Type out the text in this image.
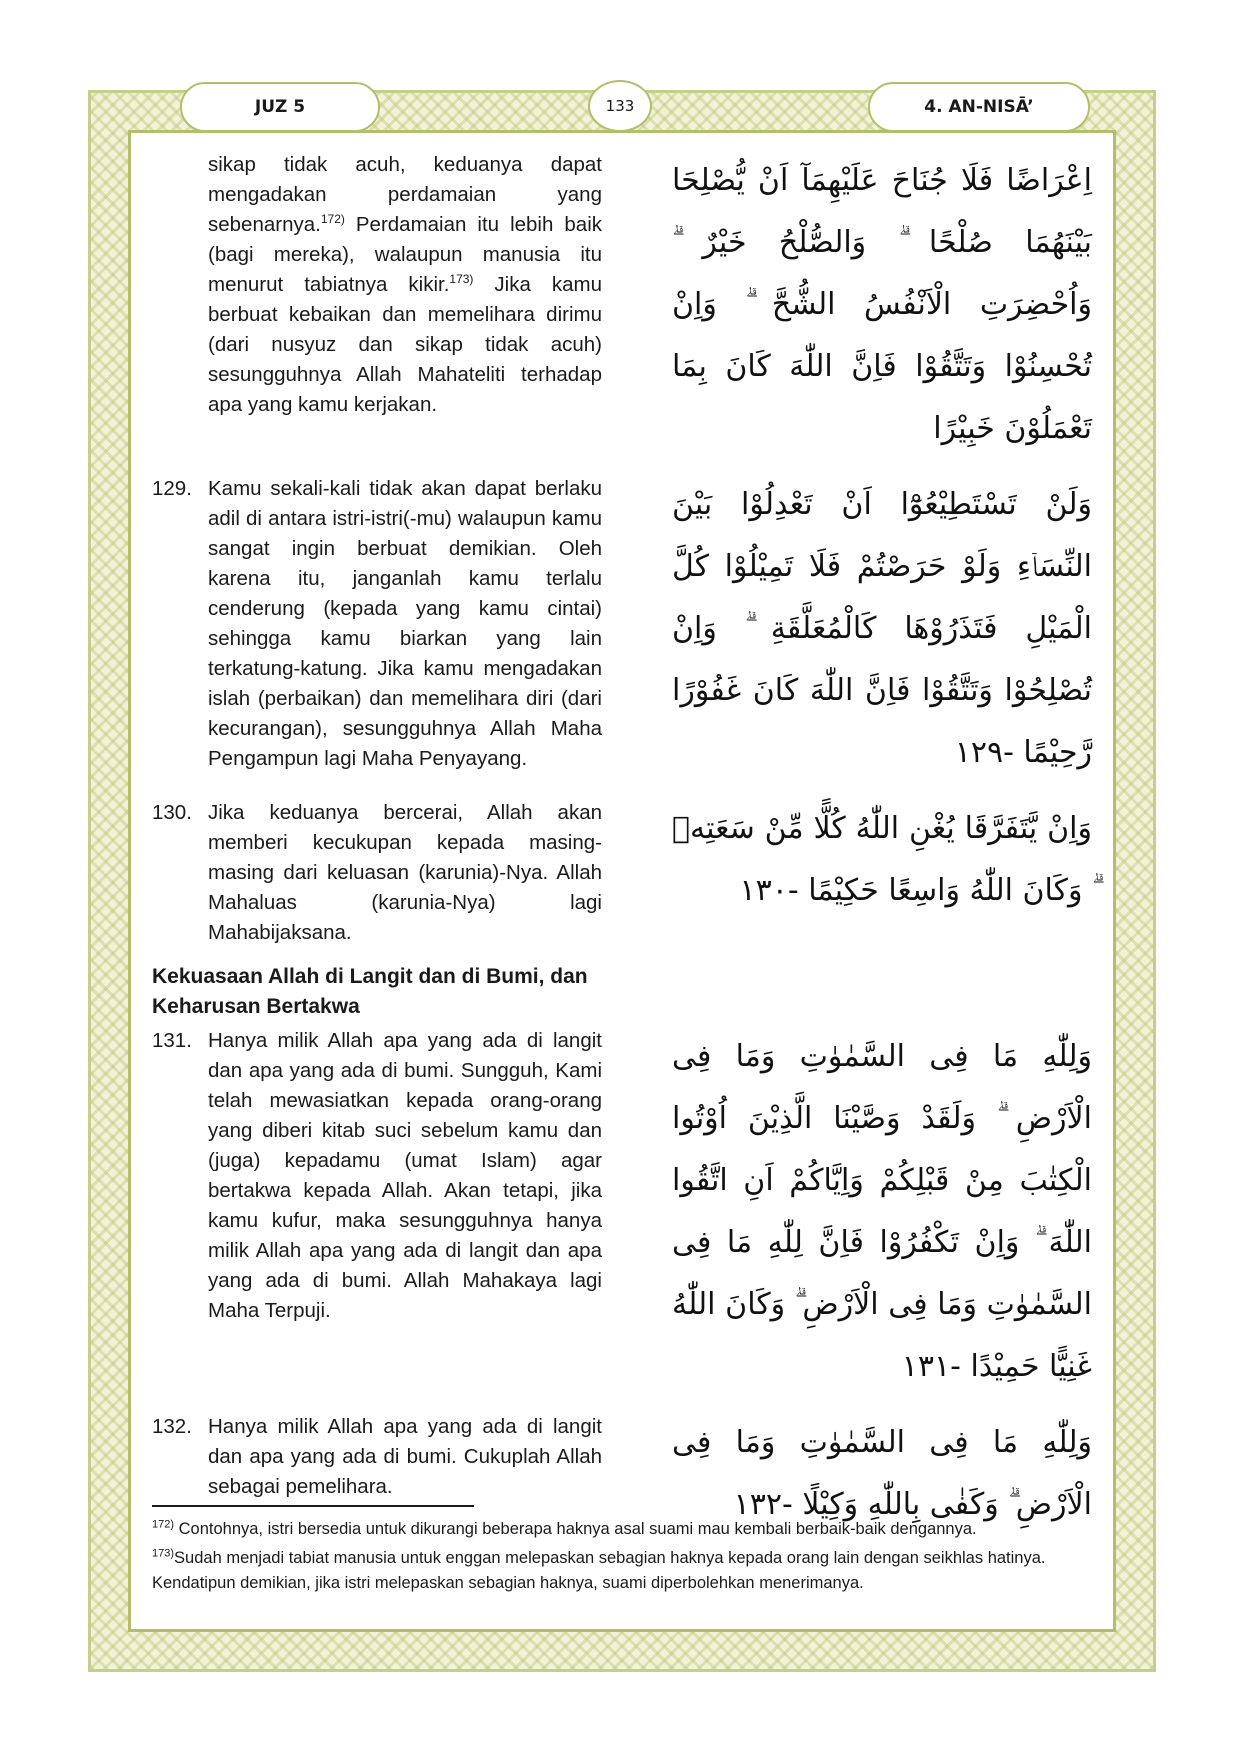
JUZ 5	133	4. AN-NISĀ’
sikap tidak acuh, keduanya dapat mengadakan perdamaian yang sebenarnya.$^{172)}$ Perdamaian itu lebih baik (bagi mereka), walaupun manusia itu menurut tabiatnya kikir.$^{173)}$ Jika kamu berbuat kebaikan dan memelihara dirimu (dari nusyuz dan sikap tidak acuh) sesungguhnya Allah Mahateliti terhadap apa yang kamu kerjakan.
اِعْرَاضًا فَلَا جُنَاحَ عَلَيْهِمَآ اَنْ يُّصْلِحَا بَيْنَهُمَا صُلْحًا ۗ وَالصُّلْحُ خَيْرٌ ۗ وَاُحْضِرَتِ الْاَنْفُسُ الشُّحَّ ۗ وَاِنْ تُحْسِنُوْا وَتَتَّقُوْا فَاِنَّ اللّٰهَ كَانَ بِمَا تَعْمَلُوْنَ خَبِيْرًا
129. Kamu sekali-kali tidak akan dapat berlaku adil di antara istri-istri(-mu) walaupun kamu sangat ingin berbuat demikian. Oleh karena itu, janganlah kamu terlalu cenderung (kepada yang kamu cintai) sehingga kamu biarkan yang lain terkatung-katung. Jika kamu mengadakan islah (perbaikan) dan memelihara diri (dari kecurangan), sesungguhnya Allah Maha Pengampun lagi Maha Penyayang.
وَلَنْ تَسْتَطِيْعُوْٓا اَنْ تَعْدِلُوْا بَيْنَ النِّسَاۤءِ وَلَوْ حَرَصْتُمْ فَلَا تَمِيْلُوْا كُلَّ الْمَيْلِ فَتَذَرُوْهَا كَالْمُعَلَّقَةِ ۗ وَاِنْ تُصْلِحُوْا وَتَتَّقُوْا فَاِنَّ اللّٰهَ كَانَ غَفُوْرًا رَّحِيْمًا -١٢٩
130. Jika keduanya bercerai, Allah akan memberi kecukupan kepada masing-masing dari keluasan (karunia)-Nya. Allah Mahaluas (karunia-Nya) lagi Mahabijaksana.
وَاِنْ يَّتَفَرَّقَا يُغْنِ اللّٰهُ كُلًّا مِّنْ سَعَتِهٖ ۗ وَكَانَ اللّٰهُ وَاسِعًا حَكِيْمًا -١٣٠
Kekuasaan Allah di Langit dan di Bumi, dan Keharusan Bertakwa
131. Hanya milik Allah apa yang ada di langit dan apa yang ada di bumi. Sungguh, Kami telah mewasiatkan kepada orang-orang yang diberi kitab suci sebelum kamu dan (juga) kepadamu (umat Islam) agar bertakwa kepada Allah. Akan tetapi, jika kamu kufur, maka sesungguhnya hanya milik Allah apa yang ada di langit dan apa yang ada di bumi. Allah Mahakaya lagi Maha Terpuji.
وَلِلّٰهِ مَا فِى السَّمٰوٰتِ وَمَا فِى الْاَرْضِ ۗ وَلَقَدْ وَصَّيْنَا الَّذِيْنَ اُوْتُوا الْكِتٰبَ مِنْ قَبْلِكُمْ وَاِيَّاكُمْ اَنِ اتَّقُوا اللّٰهَ ۗ وَاِنْ تَكْفُرُوْا فَاِنَّ لِلّٰهِ مَا فِى السَّمٰوٰتِ وَمَا فِى الْاَرْضِ ۗ وَكَانَ اللّٰهُ غَنِيًّا حَمِيْدًا -١٣١
132. Hanya milik Allah apa yang ada di langit dan apa yang ada di bumi. Cukuplah Allah sebagai pemelihara.
وَلِلّٰهِ مَا فِى السَّمٰوٰتِ وَمَا فِى الْاَرْضِ ۗ وَكَفٰى بِاللّٰهِ وَكِيْلًا -١٣٢
$^{172)}$ Contohnya, istri bersedia untuk dikurangi beberapa haknya asal suami mau kembali berbaik-baik dengannya.
$^{173)}$Sudah menjadi tabiat manusia untuk enggan melepaskan sebagian haknya kepada orang lain dengan seikhlas hatinya. Kendatipun demikian, jika istri melepaskan sebagian haknya, suami diperbolehkan menerimanya.
